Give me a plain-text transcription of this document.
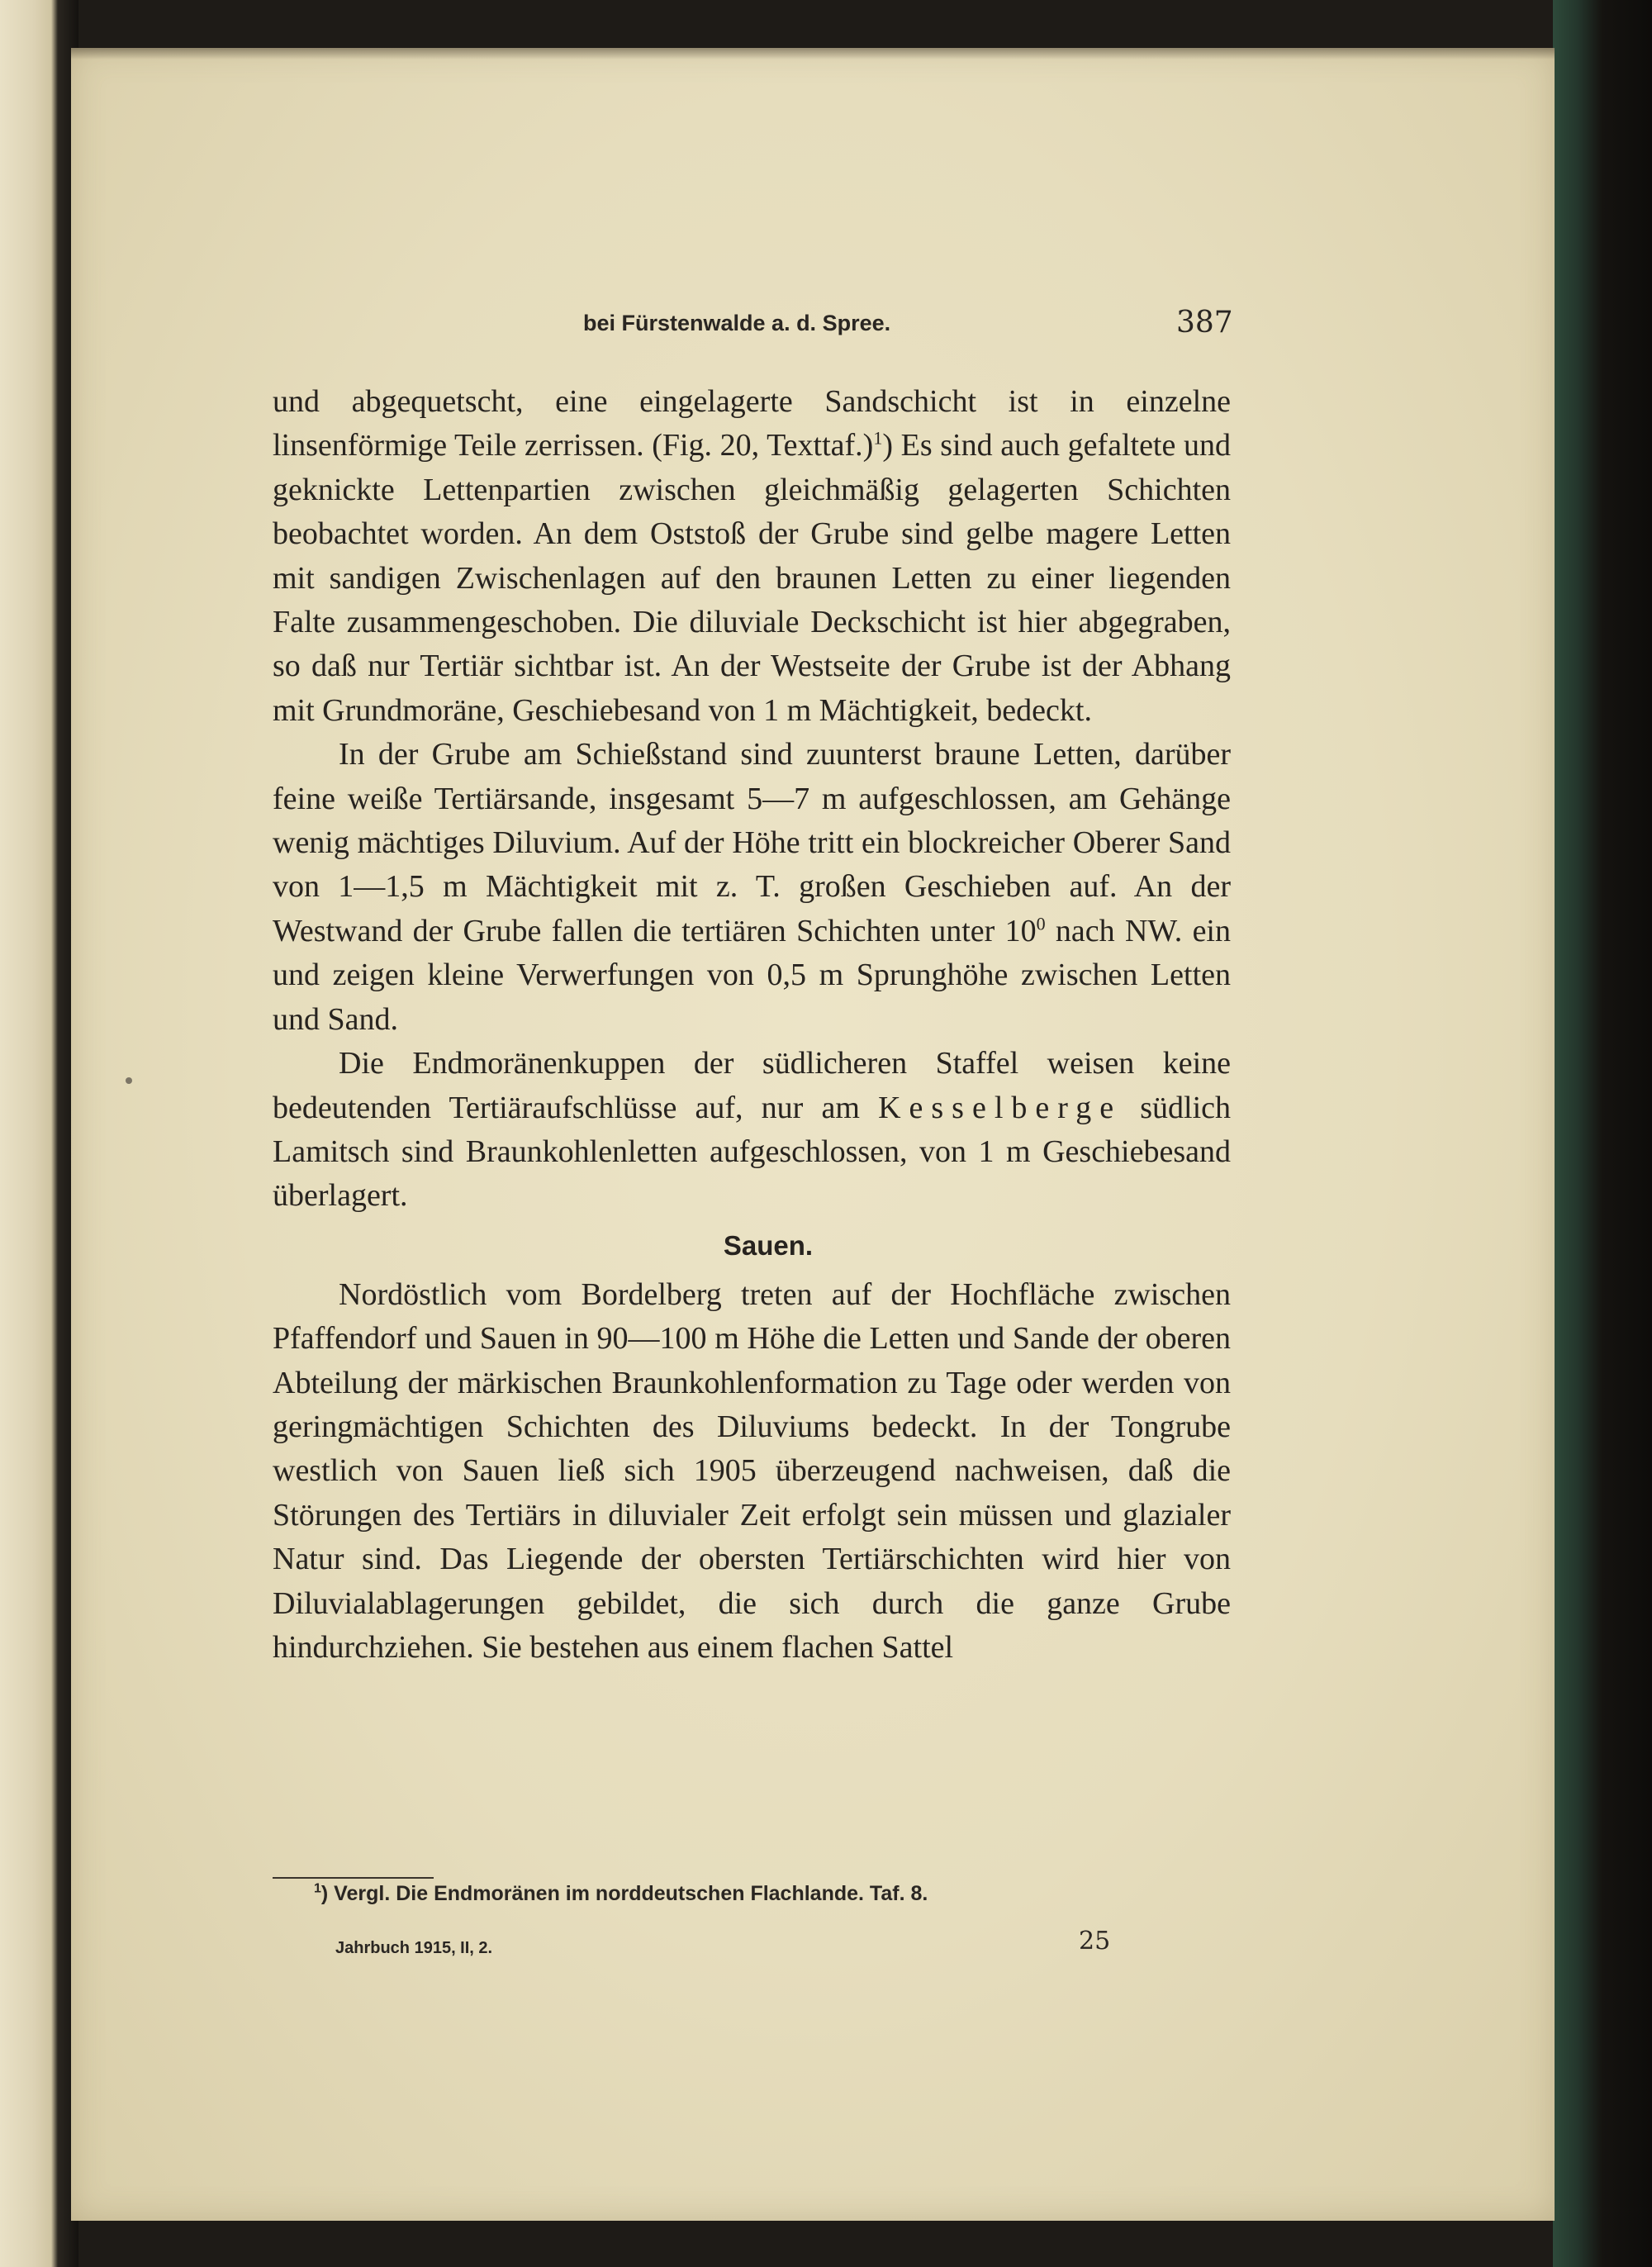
bei Fürstenwalde a. d. Spree.	387

und abgequetscht, eine eingelagerte Sandschicht ist in einzelne linsenförmige Teile zerrissen. (Fig. 20, Texttaf.)$^1$) Es sind auch gefaltete und geknickte Lettenpartien zwischen gleichmäßig gelagerten Schichten beobachtet worden. An dem Oststoß der Grube sind gelbe magere Letten mit sandigen Zwischenlagen auf den braunen Letten zu einer liegenden Falte zusammengeschoben. Die diluviale Deckschicht ist hier abgegraben, so daß nur Tertiär sichtbar ist. An der Westseite der Grube ist der Abhang mit Grundmoräne, Geschiebesand von 1 m Mächtigkeit, bedeckt.

In der Grube am Schießstand sind zuunterst braune Letten, darüber feine weiße Tertiärsande, insgesamt 5—7 m aufgeschlossen, am Gehänge wenig mächtiges Diluvium. Auf der Höhe tritt ein blockreicher Oberer Sand von 1—1,5 m Mächtigkeit mit z. T. großen Geschieben auf. An der Westwand der Grube fallen die tertiären Schichten unter $10^0$ nach NW. ein und zeigen kleine Verwerfungen von 0,5 m Sprunghöhe zwischen Letten und Sand.

Die Endmoränenkuppen der südlicheren Staffel weisen keine bedeutenden Tertiäraufschlüsse auf, nur am Kesselberge südlich Lamitsch sind Braunkohlenletten aufgeschlossen, von 1 m Geschiebesand überlagert.

Sauen.

Nordöstlich vom Bordelberg treten auf der Hochfläche zwischen Pfaffendorf und Sauen in 90—100 m Höhe die Letten und Sande der oberen Abteilung der märkischen Braunkohlenformation zu Tage oder werden von geringmächtigen Schichten des Diluviums bedeckt. In der Tongrube westlich von Sauen ließ sich 1905 überzeugend nachweisen, daß die Störungen des Tertiärs in diluvialer Zeit erfolgt sein müssen und glazialer Natur sind. Das Liegende der obersten Tertiärschichten wird hier von Diluvialablagerungen gebildet, die sich durch die ganze Grube hindurchziehen. Sie bestehen aus einem flachen Sattel

$^1$) Vergl. Die Endmoränen im norddeutschen Flachlande. Taf. 8.
Jahrbuch 1915, II, 2.	25
